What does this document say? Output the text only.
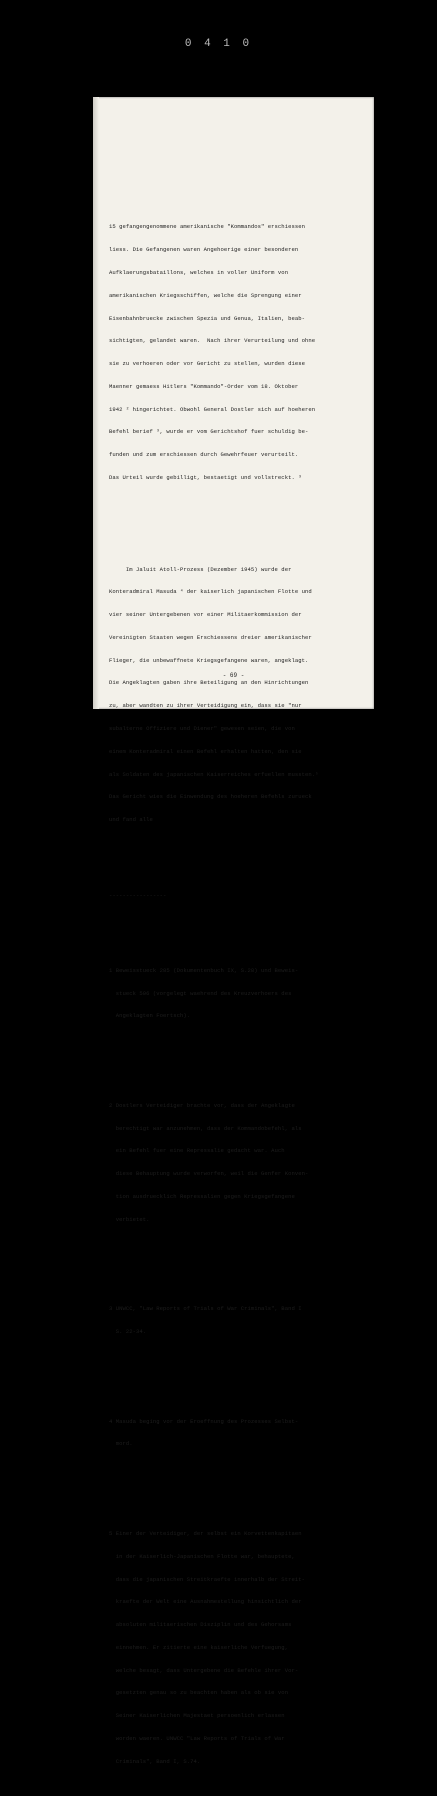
0 4 1 0

15 gefangengenommene amerikanische "Kommandos" erschiessen

liess. Die Gefangenen waren Angehoerige einer besonderen

Aufklaerungsbataillons, welches in voller Uniform von

amerikanischen Kriegsschiffen, welche die Sprengung einer

Eisenbahnbruecke zwischen Spezia und Genua, Italien, beab-

sichtigten, gelandet waren.  Nach ihrer Verurteilung und ohne

sie zu verhoeren oder vor Gericht zu stellen, wurden diese

Maenner gemaess Hitlers "Kommando"-Order vom 18. Oktober

1942 ² hingerichtet. Obwohl General Dostler sich auf hoeheren

Befehl berief ³, wurde er vom Gerichtshof fuer schuldig be-

funden und zum erschiessen durch Gewehrfeuer verurteilt.

Das Urteil wurde gebilligt, bestaetigt und vollstreckt. ³

Im Jaluit Atoll-Prozess (Dezember 1945) wurde der

Konteradmiral Masuda ⁴ der kaiserlich japanischen Flotte und

vier seiner Untergebenen vor einer Militaerkommission der

Vereinigten Staaten wegen Erschiessens dreier amerikanischer

Flieger, die unbewaffnete Kriegsgefangene waren, angeklagt.

Die Angeklagten gaben ihre Beteiligung an den Hinrichtungen

zu, aber wandten zu ihrer Verteidigung ein, dass sie "nur

subalterne Offiziere und Diener" gewesen seien, die von

einem Konteradmiral einen Befehl erhalten hatten, den sie

als Soldaten des japanischen Kaiserreiches erfuellen mussten.⁵

Das Gericht wies die Einwendung des hoeheren Befehls zurueck

und fand alle

-----------------

1 Beweisstueck 285 (Dokumentenbuch IX, S.28) und Beweis-

stueck 506 (vorgelegt waehrend des Kreuzverhoers des

Angeklagten Foertsch).

2 Dostlers Verteidiger brachte vor, dass der Angeklagte

berechtigt war anzunehmen, dass der Kommandobefehl, als

ein Befehl fuer eine Repressalie gedacht war. Auch

diese Behauptung wurde verworfen, weil die Genfer Konven-

tion ausdruecklich Repressalien gegen Kriegsgefangene

verbietet.

3 UNWCC, "Law Reports of Trials of War Criminals", Band I

S. 22-34.

4 Masuda beging vor der Eroeffnung des Prozesses Selbst-

mord.

5 Einer der Verteidiger, der selbst ein Korvettenkapitaen

in der Kaiserlich-Japanischen Flotte war, behauptete,

dass die japanischen Streitkraefte innerhalb der Streit-

kraefte der Welt eine Ausnahmestellung hinsichtlich der

absoluten militaerischen Disziplin und des Gehorsams

einnehmen. Er zitierte eine kaiserliche Verfuegung,

welche besagt, dass Untergebene die Befehle ihrer Vor-

gesetzten genau so zu beachten haben als ob sie von

Seiner Kaiserlichen Majestaet persoenlich erlassen

worden waeren. UNWCC "Law Reports of Trials of War

Criminals", Band I, S.74.

- 69 -
